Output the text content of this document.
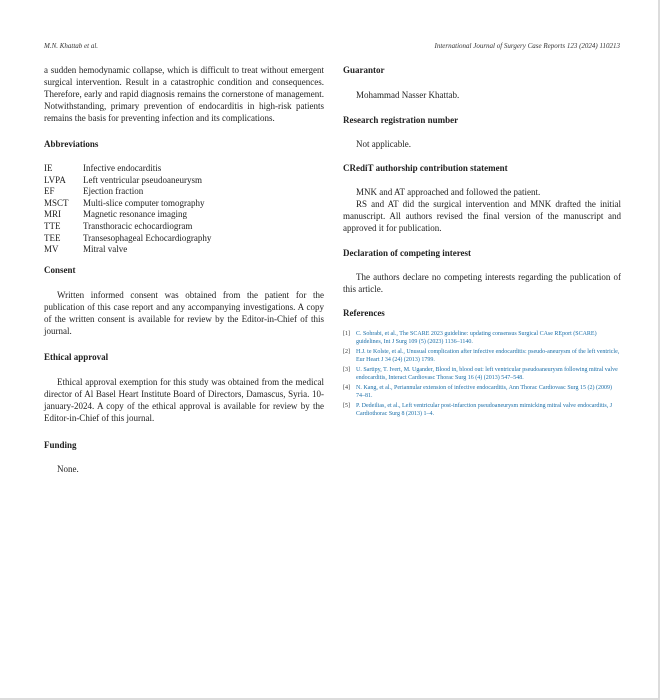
M.N. Khattab et al.	International Journal of Surgery Case Reports 123 (2024) 110213

a sudden hemodynamic collapse, which is difficult to treat without emergent surgical intervention. Result in a catastrophic condition and consequences. Therefore, early and rapid diagnosis remains the cornerstone of management. Notwithstanding, primary prevention of endocarditis in high-risk patients remains the basis for preventing infection and its complications.

Abbreviations
IE	Infective endocarditis
LVPA	Left ventricular pseudoaneurysm
EF	Ejection fraction
MSCT	Multi-slice computer tomography
MRI	Magnetic resonance imaging
TTE	Transthoracic echocardiogram
TEE	Transesophageal Echocardiography
MV	Mitral valve
Consent

Written informed consent was obtained from the patient for the publication of this case report and any accompanying investigations. A copy of the written consent is available for review by the Editor-in-Chief of this journal.

Ethical approval

Ethical approval exemption for this study was obtained from the medical director of Al Basel Heart Institute Board of Directors, Damascus, Syria. 10-january-2024. A copy of the ethical approval is available for review by the Editor-in-Chief of this journal.

Funding

None.

Guarantor

Mohammad Nasser Khattab.

Research registration number

Not applicable.

CRediT authorship contribution statement

MNK and AT approached and followed the patient.

RS and AT did the surgical intervention and MNK drafted the initial manuscript. All authors revised the final version of the manuscript and approved it for publication.

Declaration of competing interest

The authors declare no competing interests regarding the publication of this article.

References
[1]	C. Sohrabi, et al., The SCARE 2023 guideline: updating consensus Surgical CAse REport (SCARE) guidelines, Int J Surg 109 (5) (2023) 1136–1140.
[2]	H.J. te Kolste, et al., Unusual complication after infective endocarditis: pseudo-aneurysm of the left ventricle, Eur Heart J 34 (24) (2013) 1799.
[3]	U. Sartipy, T. Ivert, M. Ugander, Blood in, blood out: left ventricular pseudoaneurysm following mitral valve endocarditis, Interact Cardiovasc Thorac Surg 16 (4) (2013) 547–548.
[4]	N. Kang, et al., Periannular extension of infective endocarditis, Ann Thorac Cardiovasc Surg 15 (2) (2009) 74–81.
[5]	P. Dedeilias, et al., Left ventricular post-infarction pseudoaneurysm mimicking mitral valve endocarditis, J Cardiothorac Surg 8 (2013) 1–4.
